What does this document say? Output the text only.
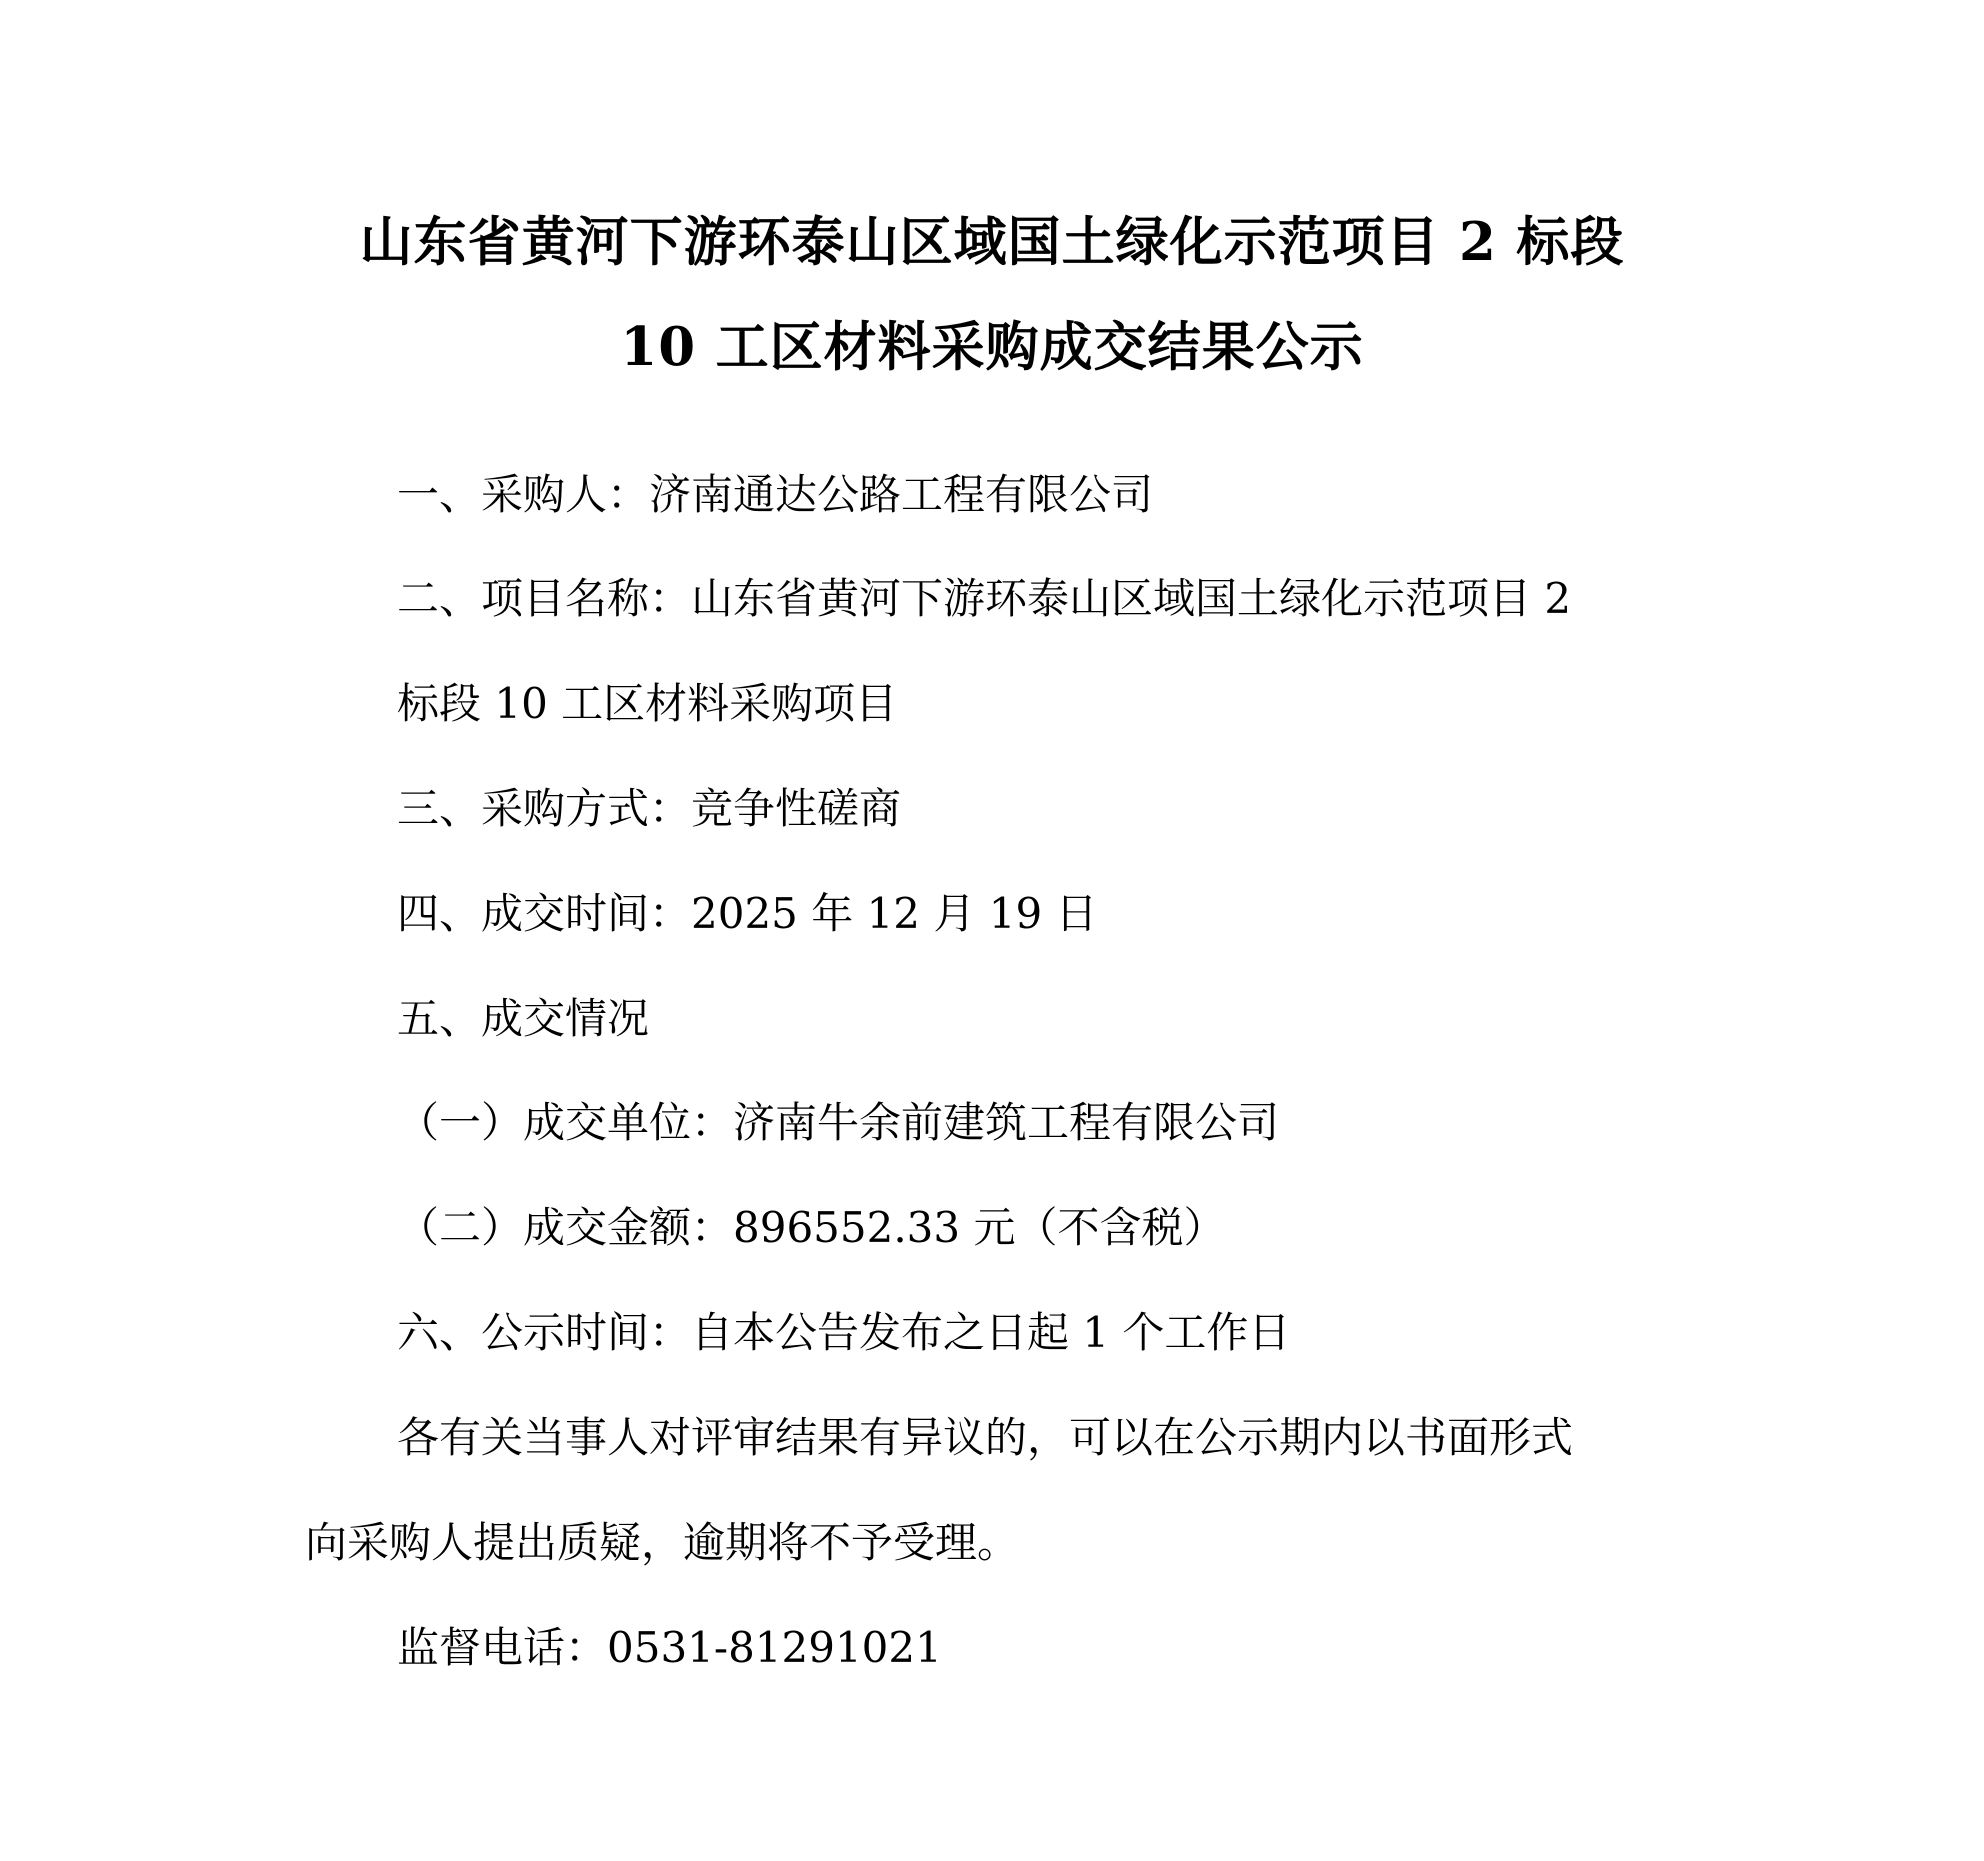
山东省黄河下游环泰山区域国土绿化示范项目 2 标段
10 工区材料采购成交结果公示
一、采购人：济南通达公路工程有限公司
二、项目名称：山东省黄河下游环泰山区域国土绿化示范项目 2
标段 10 工区材料采购项目
三、采购方式：竞争性磋商
四、成交时间：2025 年 12 月 19 日
五、成交情况
（一）成交单位：济南牛余前建筑工程有限公司
（二）成交金额：896552.33 元（不含税）
六、公示时间：自本公告发布之日起 1 个工作日
各有关当事人对评审结果有异议的，可以在公示期内以书面形式
向采购人提出质疑，逾期将不予受理。
监督电话：0531-81291021
